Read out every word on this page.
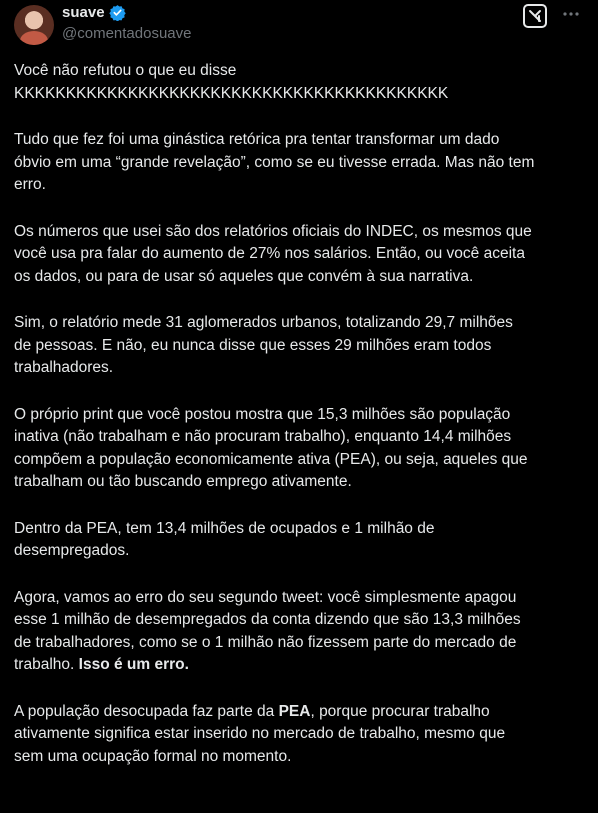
suave
@comentadosuave

Você não refutou o que eu disse
KKKKKKKKKKKKKKKKKKKKKKKKKKKKKKKKKKKKKKKKKK

Tudo que fez foi uma ginástica retórica pra tentar transformar um dado
óbvio em uma “grande revelação”, como se eu tivesse errada. Mas não tem
erro.

Os números que usei são dos relatórios oficiais do INDEC, os mesmos que
você usa pra falar do aumento de 27% nos salários. Então, ou você aceita
os dados, ou para de usar só aqueles que convém à sua narrativa.

Sim, o relatório mede 31 aglomerados urbanos, totalizando 29,7 milhões
de pessoas. E não, eu nunca disse que esses 29 milhões eram todos
trabalhadores.

O próprio print que você postou mostra que 15,3 milhões são população
inativa (não trabalham e não procuram trabalho), enquanto 14,4 milhões
compõem a população economicamente ativa (PEA), ou seja, aqueles que
trabalham ou tão buscando emprego ativamente.

Dentro da PEA, tem 13,4 milhões de ocupados e 1 milhão de
desempregados.

Agora, vamos ao erro do seu segundo tweet: você simplesmente apagou
esse 1 milhão de desempregados da conta dizendo que são 13,3 milhões
de trabalhadores, como se o 1 milhão não fizessem parte do mercado de
trabalho. Isso é um erro.

A população desocupada faz parte da PEA, porque procurar trabalho
ativamente significa estar inserido no mercado de trabalho, mesmo que
sem uma ocupação formal no momento.
